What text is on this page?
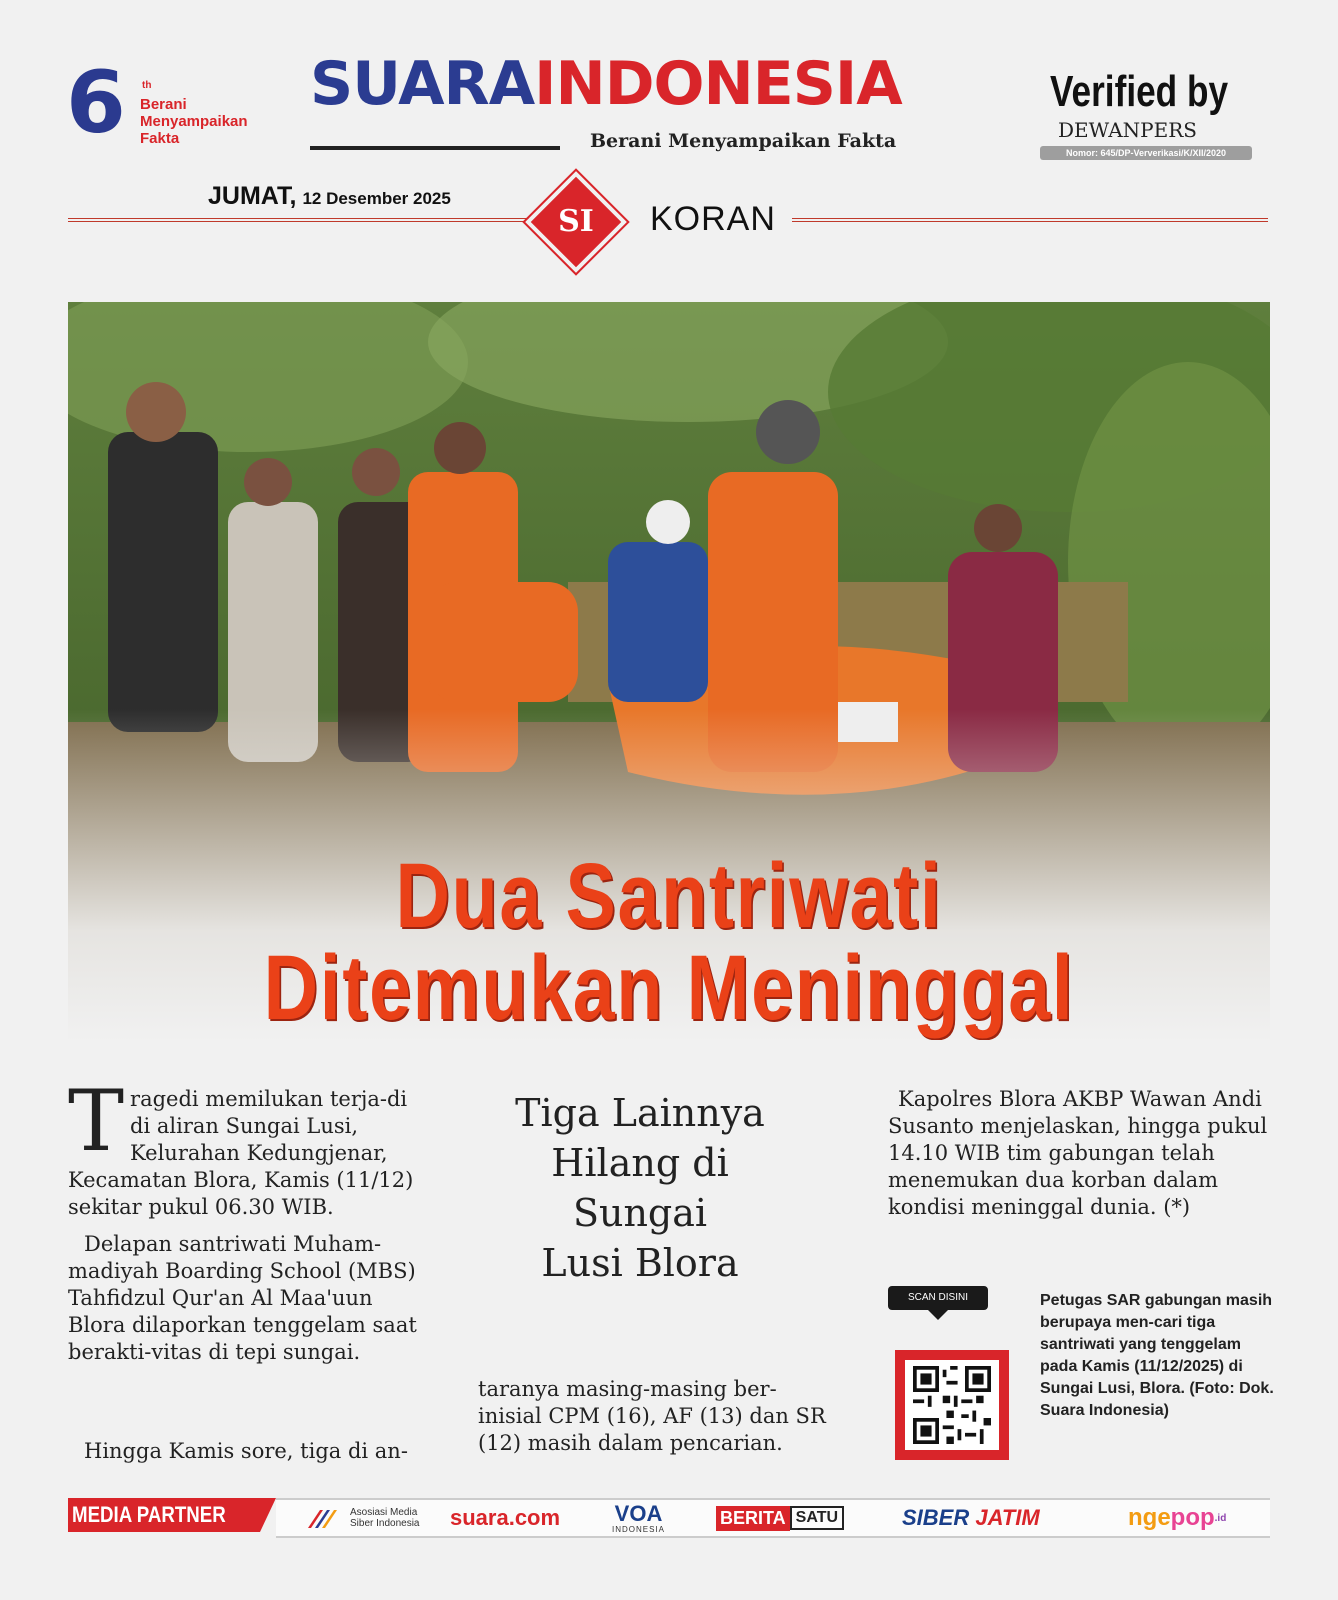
6 th
Berani Menyampaikan Fakta
SUARAINDONESIA
Berani Menyampaikan Fakta
Verified by
DEWANPERS
Nomor: 645/DP-Ververikasi/K/XII/2020
JUMAT, 12 Desember 2025
SI	KORAN
Dua Santriwati
Ditemukan Meninggal

Tragedi memilukan terja-di di aliran Sungai Lusi, Kelurahan Kedungjenar, Kecamatan Blora, Kamis (11/12) sekitar pukul 06.30 WIB.

Delapan santriwati Muham-madiyah Boarding School (MBS) Tahfidzul Qur'an Al Maa'uun Blora dilaporkan tenggelam saat berakti-vitas di tepi sungai.

Hingga Kamis sore, tiga di an-
Tiga Lainnya
Hilang di
Sungai
Lusi Blora
taranya masing-masing ber-inisial CPM (16), AF (13) dan SR (12) masih dalam pencarian.

Kapolres Blora AKBP Wawan Andi Susanto menjelaskan, hingga pukul 14.10 WIB tim gabungan telah menemukan dua korban dalam kondisi meninggal dunia. (*)

SCAN DISINI	Petugas SAR gabungan masih berupaya men-cari tiga santriwati yang tenggelam pada Kamis (11/12/2025) di Sungai Lusi, Blora. (Foto: Dok. Suara Indonesia)
MEDIA PARTNER	Asosiasi Media Siber Indonesia	suara.com VOA
INDONESIA
BERITA SATU	SIBER
JATIM	nge pop .id
